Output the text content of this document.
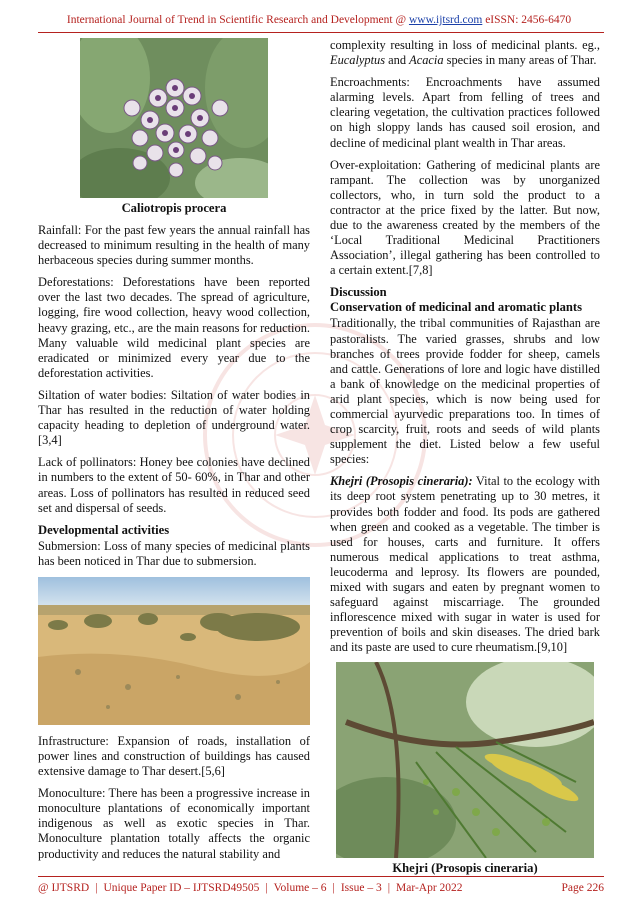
International Journal of Trend in Scientific Research and Development @ www.ijtsrd.com eISSN: 2456-6470
Caliotropis procera

Rainfall: For the past few years the annual rainfall has decreased to minimum resulting in the health of many herbaceous species during summer months.

Deforestations: Deforestations have been reported over the last two decades. The spread of agriculture, logging, fire wood collection, heavy wood collection, heavy grazing, etc., are the main reasons for reduction. Many valuable wild medicinal plant species are eradicated or minimized every year due to the deforestation activities.

Siltation of water bodies: Siltation of water bodies in Thar has resulted in the reduction of water holding capacity heading to depletion of underground water.[3,4]

Lack of pollinators: Honey bee colonies have declined in numbers to the extent of 50- 60%, in Thar and other areas. Loss of pollinators has resulted in reduced seed set and dispersal of seeds.

Developmental activities

Submersion: Loss of many species of medicinal plants has been noticed in Thar due to submersion.

Infrastructure: Expansion of roads, installation of power lines and construction of buildings has caused extensive damage to Thar desert.[5,6]

Monoculture: There has been a progressive increase in monoculture plantations of economically important indigenous as well as exotic species in Thar. Monoculture plantation totally affects the organic productivity and reduces the natural stability and

complexity resulting in loss of medicinal plants. eg., Eucalyptus and Acacia species in many areas of Thar.

Encroachments: Encroachments have assumed alarming levels. Apart from felling of trees and clearing vegetation, the cultivation practices followed on high sloppy lands has caused soil erosion, and decline of medicinal plant wealth in Thar areas.

Over-exploitation: Gathering of medicinal plants are rampant. The collection was by unorganized collectors, who, in turn sold the product to a contractor at the price fixed by the latter. But now, due to the awareness created by the members of the ‘Local Traditional Medicinal Practitioners Association’, illegal gathering has been controlled to a certain extent.[7,8]

Discussion
Conservation of medicinal and aromatic plants

Traditionally, the tribal communities of Rajasthan are pastoralists. The varied grasses, shrubs and low branches of trees provide fodder for sheep, camels and cattle. Generations of lore and logic have distilled a bank of knowledge on the medicinal properties of arid plant species, which is now being used for commercial ayurvedic preparations too. In times of crop scarcity, fruit, roots and seeds of wild plants supplement the diet. Listed below a few useful species:

Khejri (Prosopis cineraria): Vital to the ecology with its deep root system penetrating up to 30 metres, it provides both fodder and food. Its pods are gathered when green and cooked as a vegetable. The timber is used for houses, carts and furniture. It offers numerous medical applications to treat asthma, leucoderma and leprosy. Its flowers are pounded, mixed with sugars and eaten by pregnant women to safeguard against miscarriage. The grounded inflorescence mixed with sugar in water is used for prevention of boils and skin diseases. The dried bark and its paste are used to cure rheumatism.[9,10]

Khejri (Prosopis cineraria)
@ IJTSRD | Unique Paper ID – IJTSRD49505 | Volume – 6 | Issue – 3 | Mar-Apr 2022	Page 226
